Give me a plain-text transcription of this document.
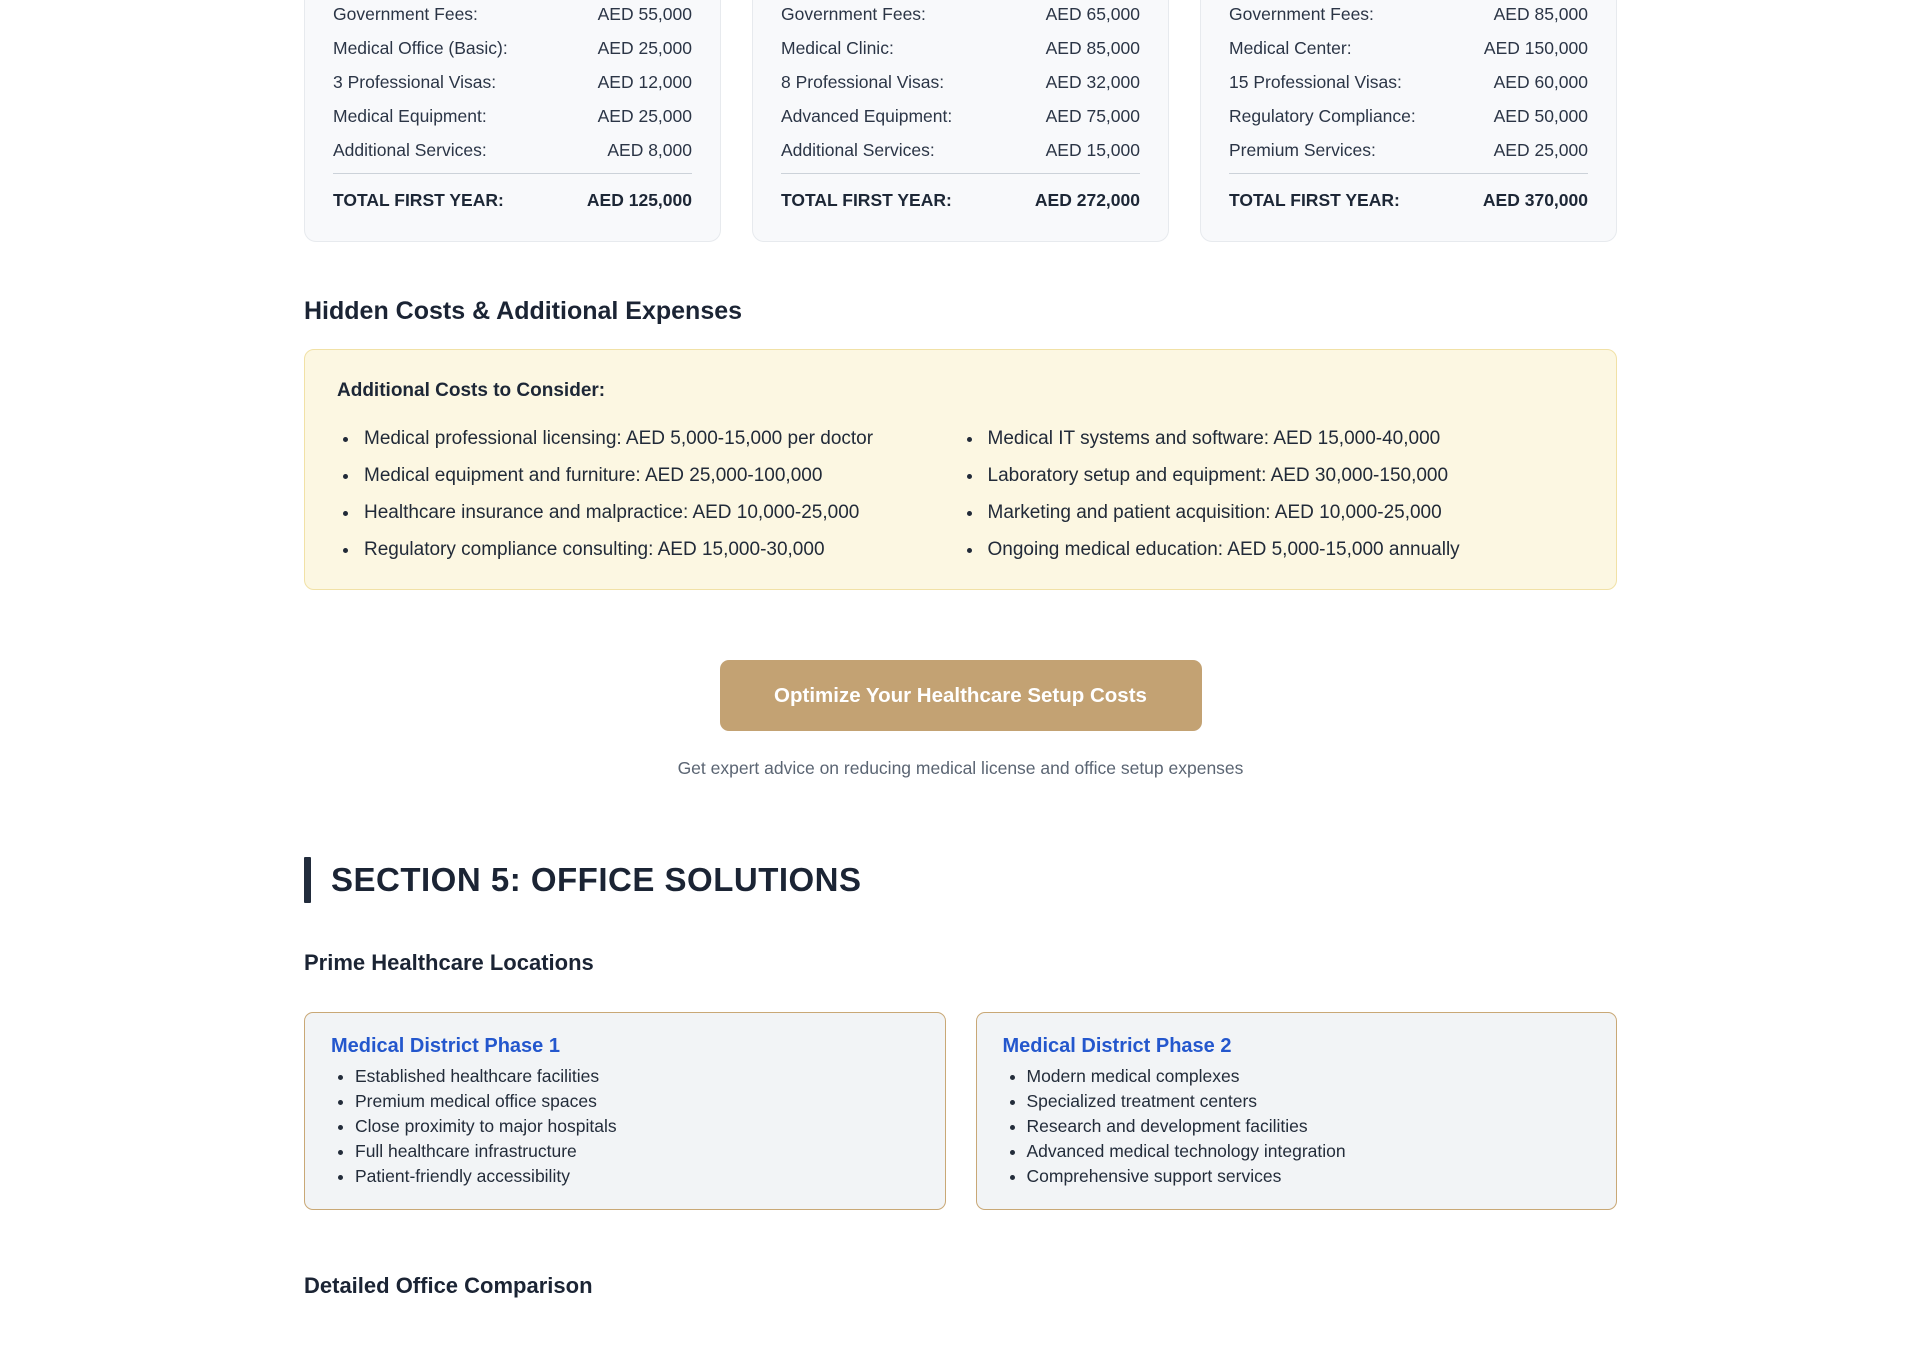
Government Fees:	AED 55,000
Medical Office (Basic):	AED 25,000
3 Professional Visas:	AED 12,000
Medical Equipment:	AED 25,000
Additional Services:	AED 8,000
TOTAL FIRST YEAR:	AED 125,000
Government Fees:	AED 65,000
Medical Clinic:	AED 85,000
8 Professional Visas:	AED 32,000
Advanced Equipment:	AED 75,000
Additional Services:	AED 15,000
TOTAL FIRST YEAR:	AED 272,000
Government Fees:	AED 85,000
Medical Center:	AED 150,000
15 Professional Visas:	AED 60,000
Regulatory Compliance:	AED 50,000
Premium Services:	AED 25,000
TOTAL FIRST YEAR:	AED 370,000
Hidden Costs & Additional Expenses
Additional Costs to Consider:
• Medical professional licensing: AED 5,000-15,000 per doctor
• Medical equipment and furniture: AED 25,000-100,000
• Healthcare insurance and malpractice: AED 10,000-25,000
• Regulatory compliance consulting: AED 15,000-30,000
• Medical IT systems and software: AED 15,000-40,000
• Laboratory setup and equipment: AED 30,000-150,000
• Marketing and patient acquisition: AED 10,000-25,000
• Ongoing medical education: AED 5,000-15,000 annually
Optimize Your Healthcare Setup Costs

Get expert advice on reducing medical license and office setup expenses

SECTION 5: OFFICE SOLUTIONS
Prime Healthcare Locations
Medical District Phase 1
• Established healthcare facilities
• Premium medical office spaces
• Close proximity to major hospitals
• Full healthcare infrastructure
• Patient-friendly accessibility
Medical District Phase 2
• Modern medical complexes
• Specialized treatment centers
• Research and development facilities
• Advanced medical technology integration
• Comprehensive support services
Detailed Office Comparison
